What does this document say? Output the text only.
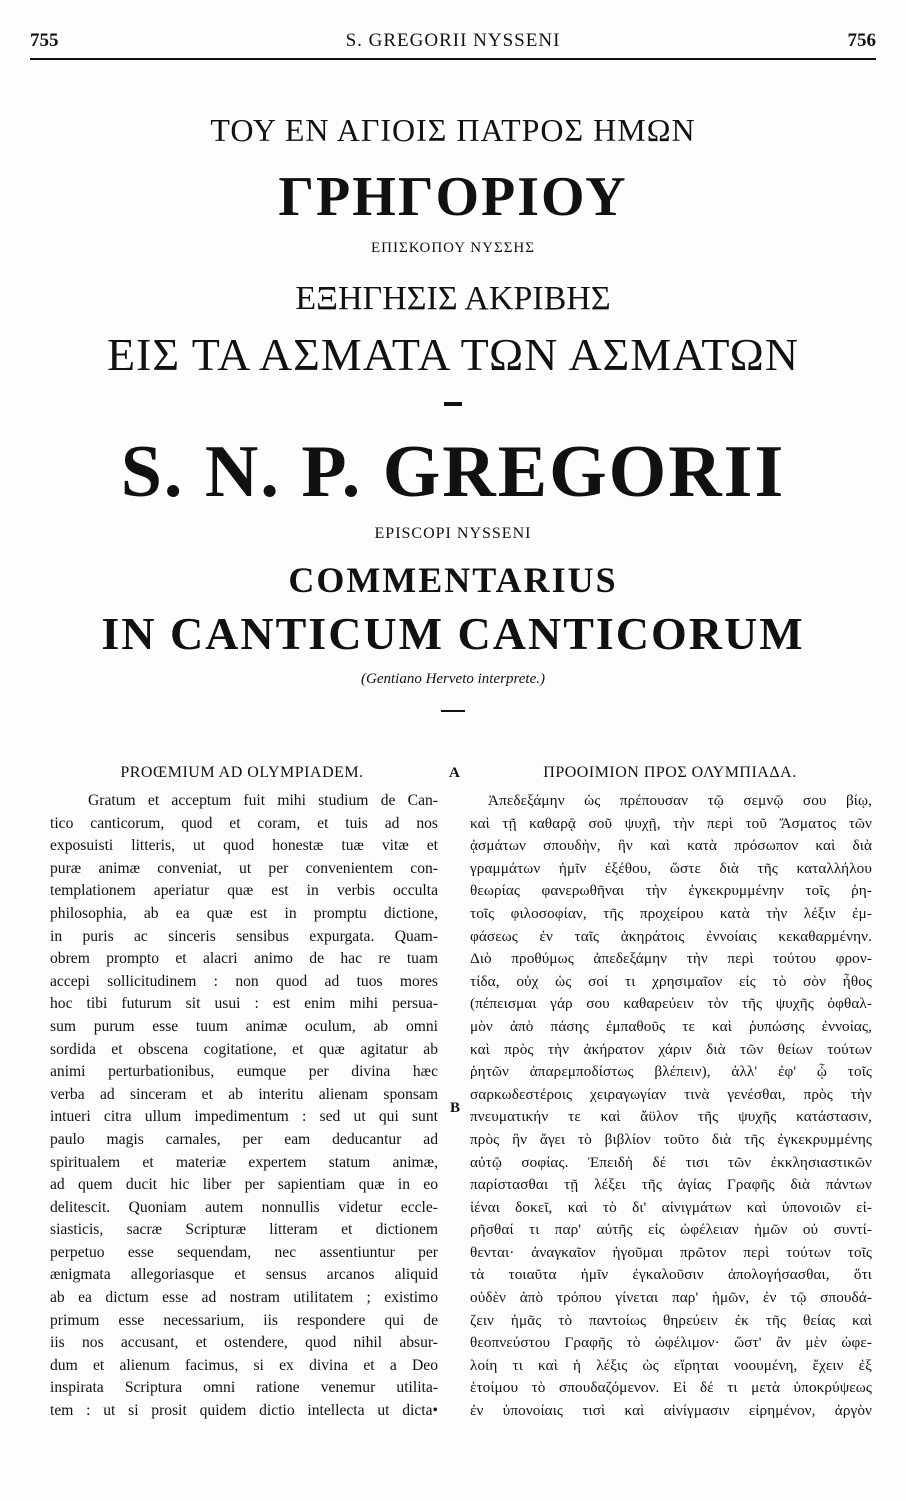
755	S. GREGORII NYSSENI	756
ΤΟΥ ΕΝ ΑΓΙΟΙΣ ΠΑΤΡΟΣ ΗΜΩΝ
ΓΡΗΓΟΡΙΟΥ
ΕΠΙΣΚΟΠΟΥ ΝΥΣΣΗΣ
ΕΞΗΓΗΣΙΣ ΑΚΡΙΒΗΣ
ΕΙΣ ΤΑ ΑΣΜΑΤΑ ΤΩΝ ΑΣΜΑΤΩΝ
S. N. P. GREGORII
EPISCOPI NYSSENI
COMMENTARIUS
IN CANTICUM CANTICORUM
(Gentiano Herveto interprete.)
PROŒMIUM AD OLYMPIADEM.	ΠΡΟΟΙΜΙΟΝ ΠΡΟΣ ΟΛΥΜΠΙΑΔΑ.
A
B
Gratum et acceptum fuit mihi studium de Can-
tico canticorum, quod et coram, et tuis ad nos
exposuisti litteris, ut quod honestæ tuæ vitæ et
puræ animæ conveniat, ut per convenientem con-
templationem aperiatur quæ est in verbis occulta
philosophia, ab ea quæ est in promptu dictione,
in puris ac sinceris sensibus expurgata. Quam-
obrem prompto et alacri animo de hac re tuam
accepi sollicitudinem : non quod ad tuos mores
hoc tibi futurum sit usui : est enim mihi persua-
sum purum esse tuum animæ oculum, ab omni
sordida et obscena cogitatione, et quæ agitatur ab
animi perturbationibus, eumque per divina hæc
verba ad sinceram et ab interitu alienam sponsam
intueri citra ullum impedimentum : sed ut qui sunt
paulo magis carnales, per eam deducantur ad
spiritualem et materiæ expertem statum animæ,
ad quem ducit hic liber per sapientiam quæ in eo
delitescit. Quoniam autem nonnullis videtur eccle-
siasticis, sacræ Scripturæ litteram et dictionem
perpetuo esse sequendam, nec assentiuntur per
ænigmata allegoriasque et sensus arcanos aliquid
ab ea dictum esse ad nostram utilitatem ; existimo
primum esse necessarium, iis respondere qui de
iis nos accusant, et ostendere, quod nihil absur-
dum et alienum facimus, si ex divina et a Deo
inspirata Scriptura omni ratione venemur utilita-
tem : ut si prosit quidem dictio intellecta ut dicta•
Ἀπεδεξάμην ὡς πρέπουσαν τῷ σεμνῷ σου βίῳ,
καὶ τῇ καθαρᾷ σοῦ ψυχῇ, τὴν περὶ τοῦ Ἄσματος τῶν
ᾀσμάτων σπουδὴν, ἣν καὶ κατὰ πρόσωπον καὶ διὰ
γραμμάτων ἡμῖν ἐξέθου, ὥστε διὰ τῆς καταλλήλου
θεωρίας φανερωθῆναι τὴν ἐγκεκρυμμένην τοῖς ῥη-
τοῖς φιλοσοφίαν, τῆς προχείρου κατὰ τὴν λέξιν ἐμ-
φάσεως ἐν ταῖς ἀκηράτοις ἐννοίαις κεκαθαρμένην.
Διὸ προθύμως ἀπεδεξάμην τὴν περὶ τούτου φρον-
τίδα, οὐχ ὡς σοί τι χρησιμαῖον εἰς τὸ σὸν ἦθος
(πέπεισμαι γάρ σου καθαρεύειν τὸν τῆς ψυχῆς ὀφθαλ-
μὸν ἀπὸ πάσης ἐμπαθοῦς τε καὶ ῥυπώσης ἐννοίας,
καὶ πρὸς τὴν ἀκήρατον χάριν διὰ τῶν θείων τούτων
ῥητῶν ἀπαρεμποδίστως βλέπειν), ἀλλ' ἐφ' ᾧ τοῖς
σαρκωδεστέροις χειραγωγίαν τινὰ γενέσθαι, πρὸς τὴν
πνευματικήν τε καὶ ἄϋλον τῆς ψυχῆς κατάστασιν,
πρὸς ἣν ἄγει τὸ βιβλίον τοῦτο διὰ τῆς ἐγκεκρυμμένης
αὐτῷ σοφίας. Ἐπειδὴ δέ τισι τῶν ἐκκλησιαστικῶν
παρίστασθαι τῇ λέξει τῆς ἁγίας Γραφῆς διὰ πάντων
ἰέναι δοκεῖ, καὶ τὸ δι' αἰνιγμάτων καὶ ὑπονοιῶν εἰ-
ρῆσθαί τι παρ' αὐτῆς εἰς ὠφέλειαν ἡμῶν οὐ συντί-
θενται· ἀναγκαῖον ἡγοῦμαι πρῶτον περὶ τούτων τοῖς
τὰ τοιαῦτα ἡμῖν ἐγκαλοῦσιν ἀπολογήσασθαι, ὅτι
οὐδὲν ἀπὸ τρόπου γίνεται παρ' ἡμῶν, ἐν τῷ σπουδά-
ζειν ἡμᾶς τὸ παντοίως θηρεύειν ἐκ τῆς θείας καὶ
θεοπνεύστου Γραφῆς τὸ ὠφέλιμον· ὥστ' ἂν μὲν ὠφε-
λοίη τι καὶ ἡ λέξις ὡς εἴρηται νοουμένη, ἔχειν ἐξ
ἑτοίμου τὸ σπουδαζόμενον. Εἰ δέ τι μετὰ ὑποκρύψεως
ἐν ὑπονοίαις τισὶ καὶ αἰνίγμασιν εἰρημένον, ἀργὸν
